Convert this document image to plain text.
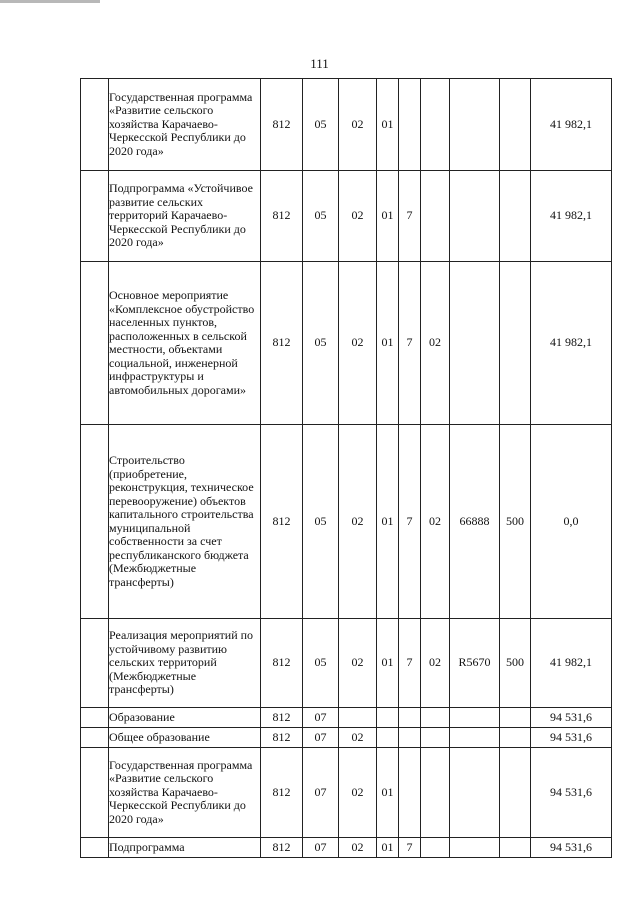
111
	Государственная программа «Развитие сельского хозяйства Карачаево-Черкесской Республики до 2020 года»	812	05	02	01					41 982,1
	Подпрограмма «Устойчивое развитие сельских территорий Карачаево-Черкесской Республики до 2020 года»	812	05	02	01	7				41 982,1
	Основное мероприятие «Комплексное обустройство населенных пунктов, расположенных в сельской местности, объектами социальной, инженерной инфраструктуры и автомобильных дорогами»	812	05	02	01	7	02			41 982,1
	Строительство (приобретение, реконструкция, техническое перевооружение) объектов капитального строительства муниципальной собственности за счет республиканского бюджета (Межбюджетные трансферты)	812	05	02	01	7	02	66888	500	0,0
	Реализация мероприятий по устойчивому развитию сельских территорий (Межбюджетные трансферты)	812	05	02	01	7	02	R5670	500	41 982,1
	Образование	812	07							94 531,6
	Общее образование	812	07	02						94 531,6
	Государственная программа «Развитие сельского хозяйства Карачаево-Черкесской Республики до 2020 года»	812	07	02	01					94 531,6
	Подпрограмма	812	07	02	01	7				94 531,6
